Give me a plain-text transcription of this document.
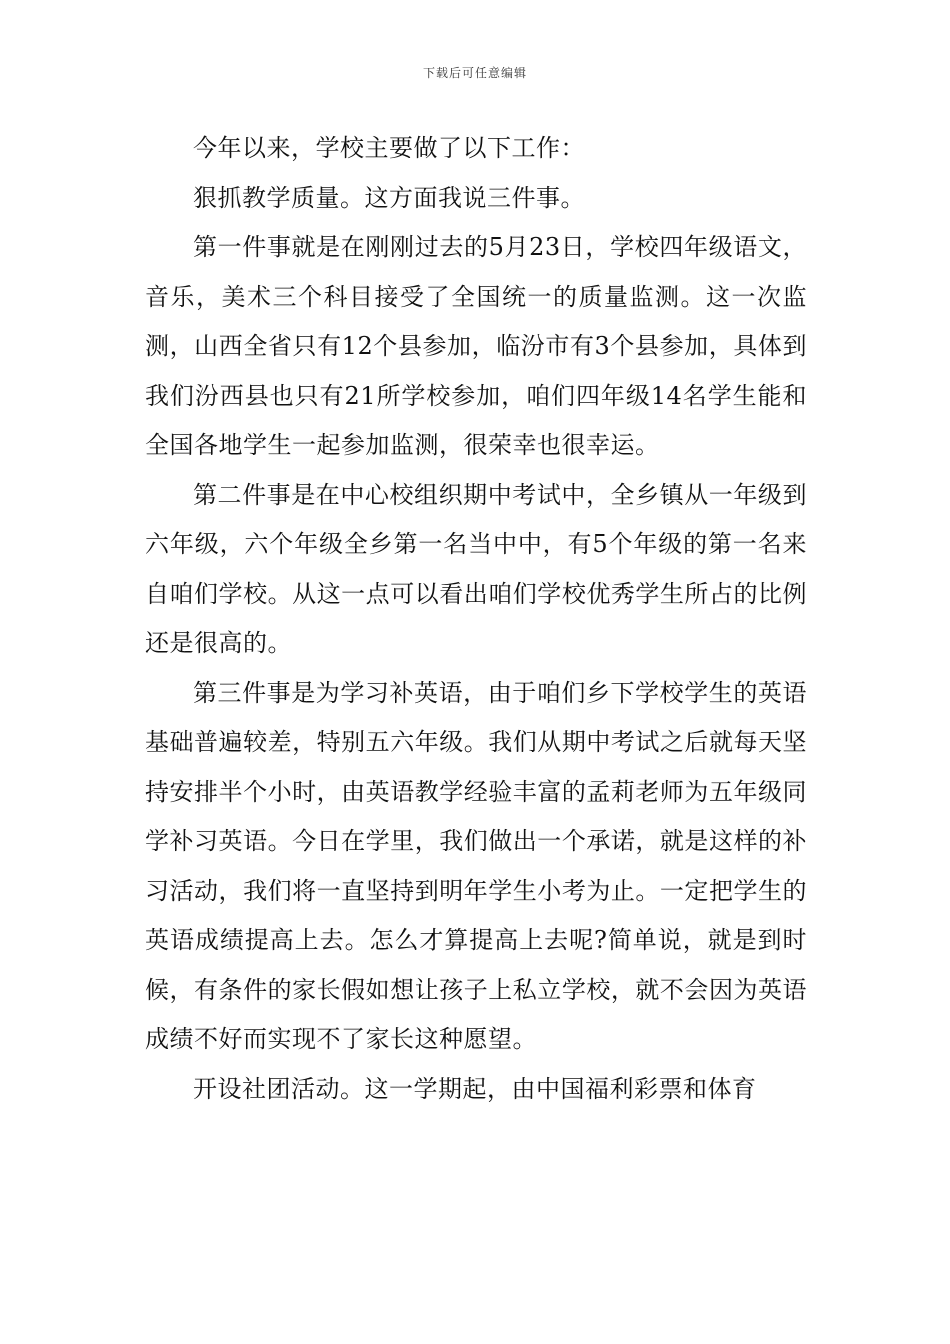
下载后可任意编辑

今年以来，学校主要做了以下工作：

狠抓教学质量。这方面我说三件事。

第一件事就是在刚刚过去的5月23日，学校四年级语文，音乐，美术三个科目接受了全国统一的质量监测。这一次监测，山西全省只有12个县参加，临汾市有3个县参加，具体到我们汾西县也只有21所学校参加，咱们四年级14名学生能和全国各地学生一起参加监测，很荣幸也很幸运。

第二件事是在中心校组织期中考试中，全乡镇从一年级到六年级，六个年级全乡第一名当中中，有5个年级的第一名来自咱们学校。从这一点可以看出咱们学校优秀学生所占的比例还是很高的。

第三件事是为学习补英语，由于咱们乡下学校学生的英语基础普遍较差，特别五六年级。我们从期中考试之后就每天坚持安排半个小时，由英语教学经验丰富的孟莉老师为五年级同学补习英语。今日在学里，我们做出一个承诺，就是这样的补习活动，我们将一直坚持到明年学生小考为止。一定把学生的英语成绩提高上去。怎么才算提高上去呢?简单说，就是到时候，有条件的家长假如想让孩子上私立学校，就不会因为英语成绩不好而实现不了家长这种愿望。

开设社团活动。这一学期起，由中国福利彩票和体育
